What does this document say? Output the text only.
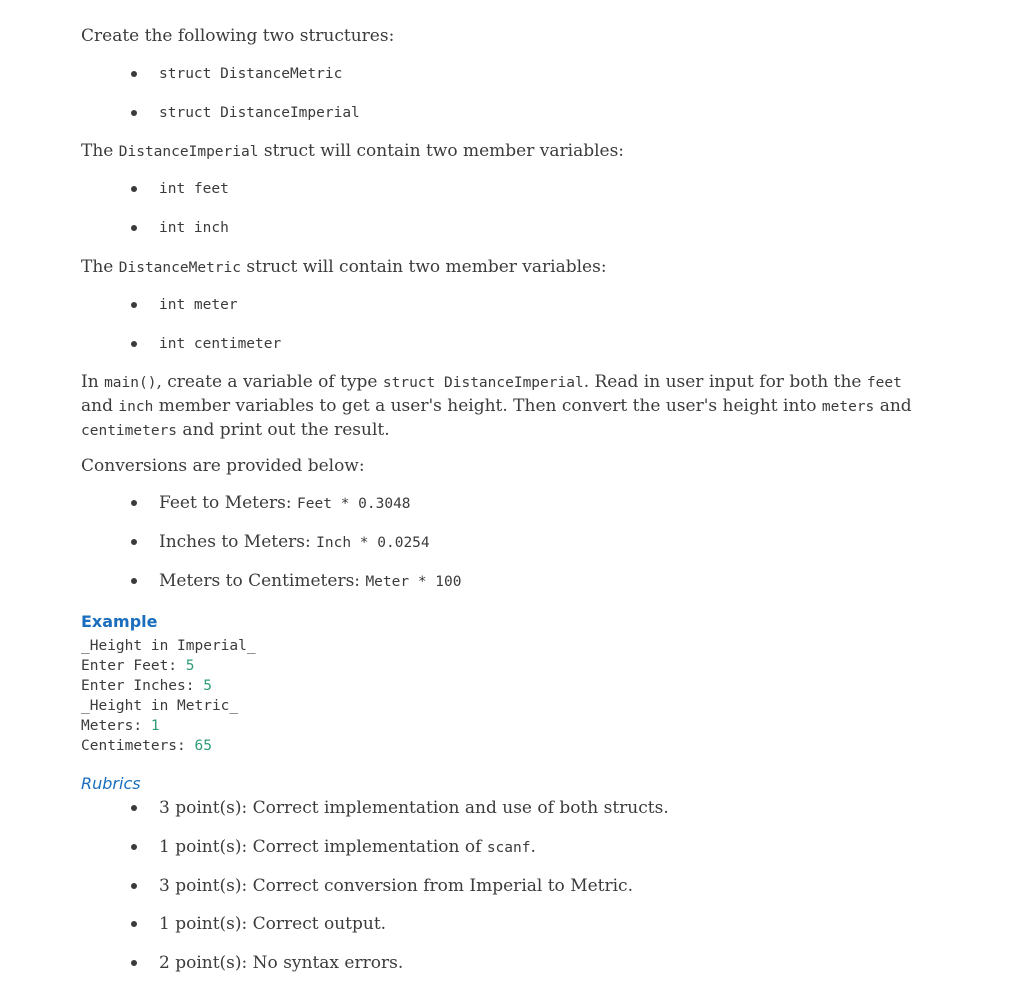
Create the following two structures:

struct DistanceMetric
struct DistanceImperial

The DistanceImperial struct will contain two member variables:

int feet
int inch

The DistanceMetric struct will contain two member variables:

int meter
int centimeter
In main(), create a variable of type struct DistanceImperial. Read in user input for both the feet
and inch member variables to get a user's height. Then convert the user's height into meters and
centimeters and print out the result.

Conversions are provided below:

Feet to Meters: Feet * 0.3048
Inches to Meters: Inch * 0.0254
Meters to Centimeters: Meter * 100
Example
_Height in Imperial_
Enter Feet: 5
Enter Inches: 5
_Height in Metric_
Meters: 1
Centimeters: 65
Rubrics
3 point(s): Correct implementation and use of both structs.
1 point(s): Correct implementation of scanf.
3 point(s): Correct conversion from Imperial to Metric.
1 point(s): Correct output.
2 point(s): No syntax errors.
